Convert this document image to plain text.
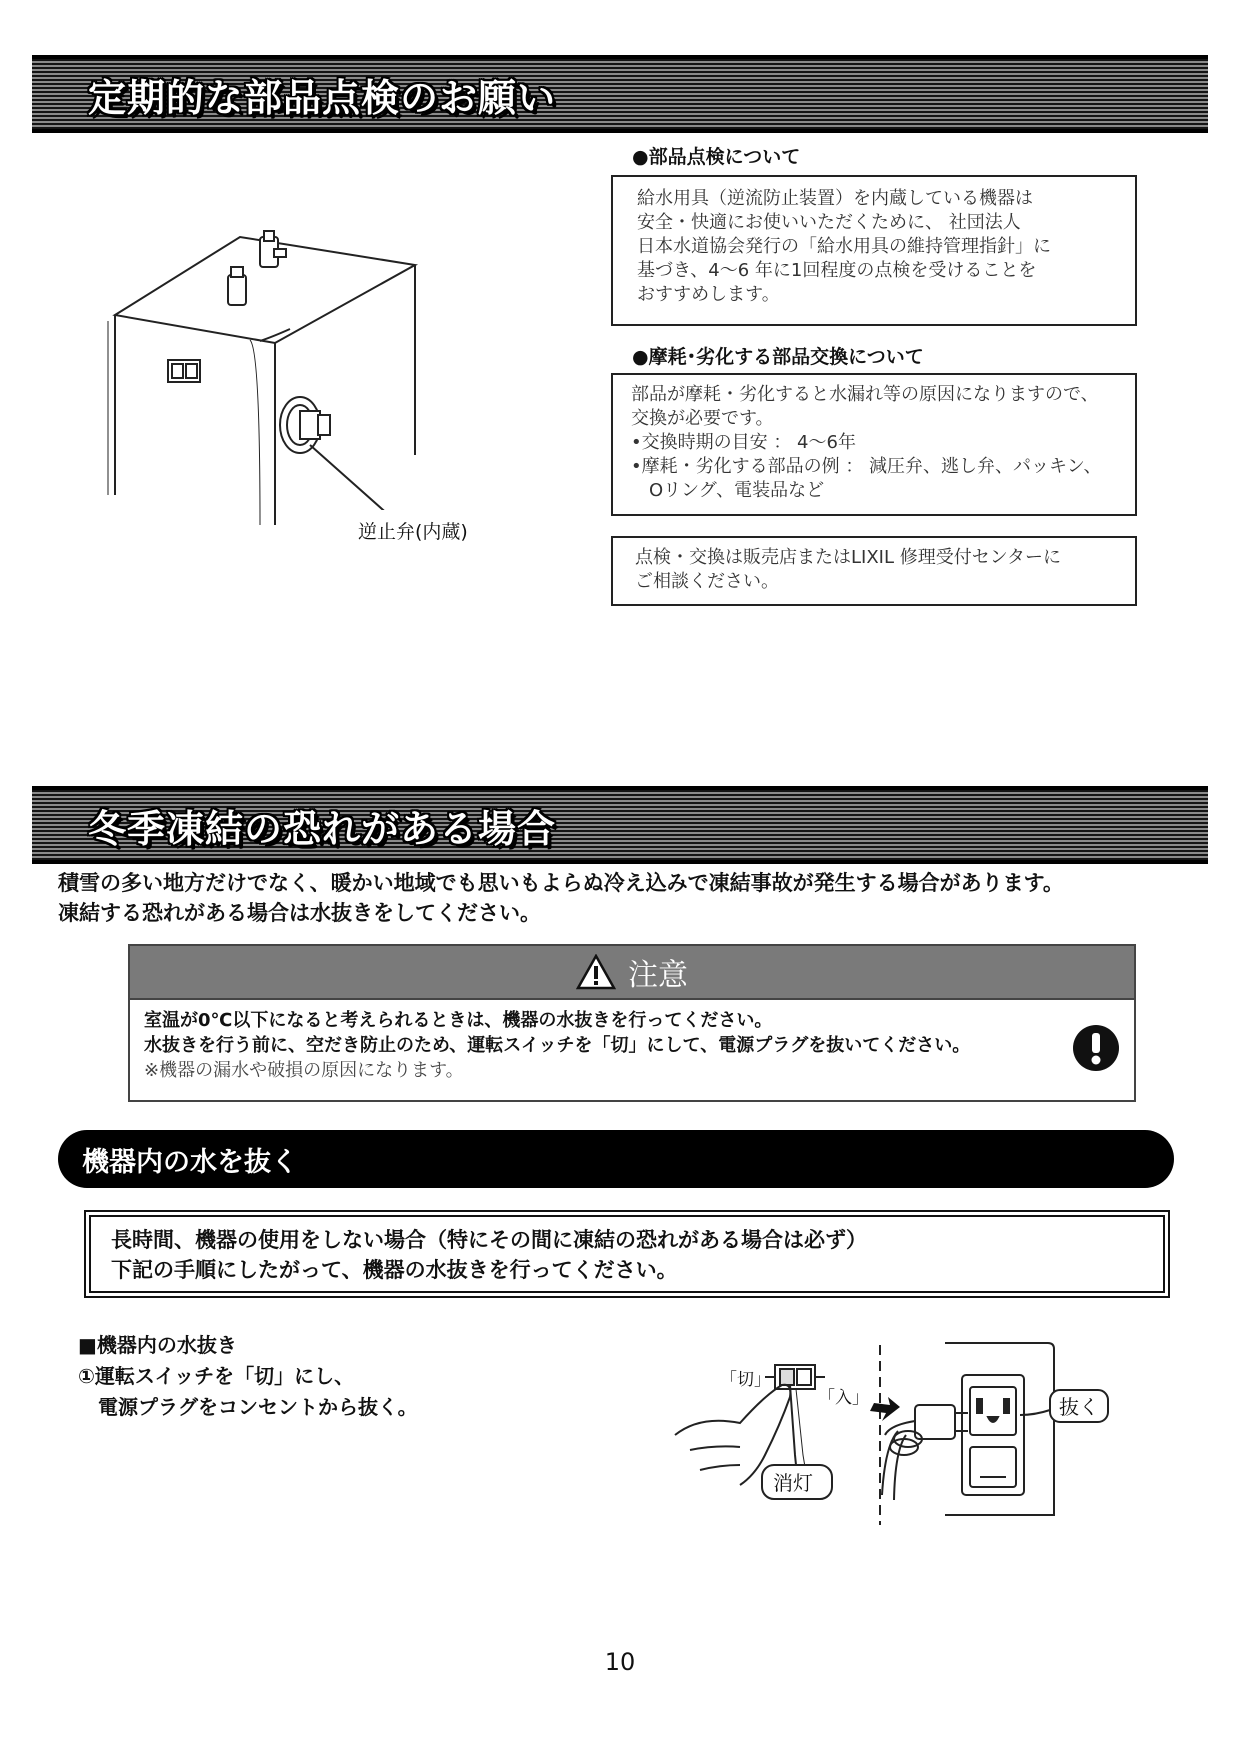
定期的な部品点検のお願い
逆止弁(内蔵)
●部品点検について
給水用具（逆流防止装置）を内蔵している機器は
安全・快適にお使いいただくために、 社団法人
日本水道協会発行の「給水用具の維持管理指針」に
基づき、4〜6 年に1回程度の点検を受けることを
おすすめします。
●摩耗･劣化する部品交換について
部品が摩耗・劣化すると水漏れ等の原因になりますので、
交換が必要です。
•交換時期の目安 ： 4〜6年
•摩耗・劣化する部品の例 ： 減圧弁、逃し弁、パッキン、
　Oリング、電装品など
点検・交換は販売店またはLIXIL 修理受付センターに
ご相談ください。
冬季凍結の恐れがある場合
積雪の多い地方だけでなく、暖かい地域でも思いもよらぬ冷え込みで凍結事故が発生する場合があります。
凍結する恐れがある場合は水抜きをしてください。
注意
室温が0℃以下になると考えられるときは、機器の水抜きを行ってください。
水抜きを行う前に、空だき防止のため、運転スイッチを「切」にして、電源プラグを抜いてください。
※機器の漏水や破損の原因になります。
機器内の水を抜く
長時間、機器の使用をしない場合（特にその間に凍結の恐れがある場合は必ず）
下記の手順にしたがって、機器の水抜きを行ってください。
■機器内の水抜き
①運転スイッチを「切」にし、
　電源プラグをコンセントから抜く。
「切」
「入」
消灯
抜く
10
